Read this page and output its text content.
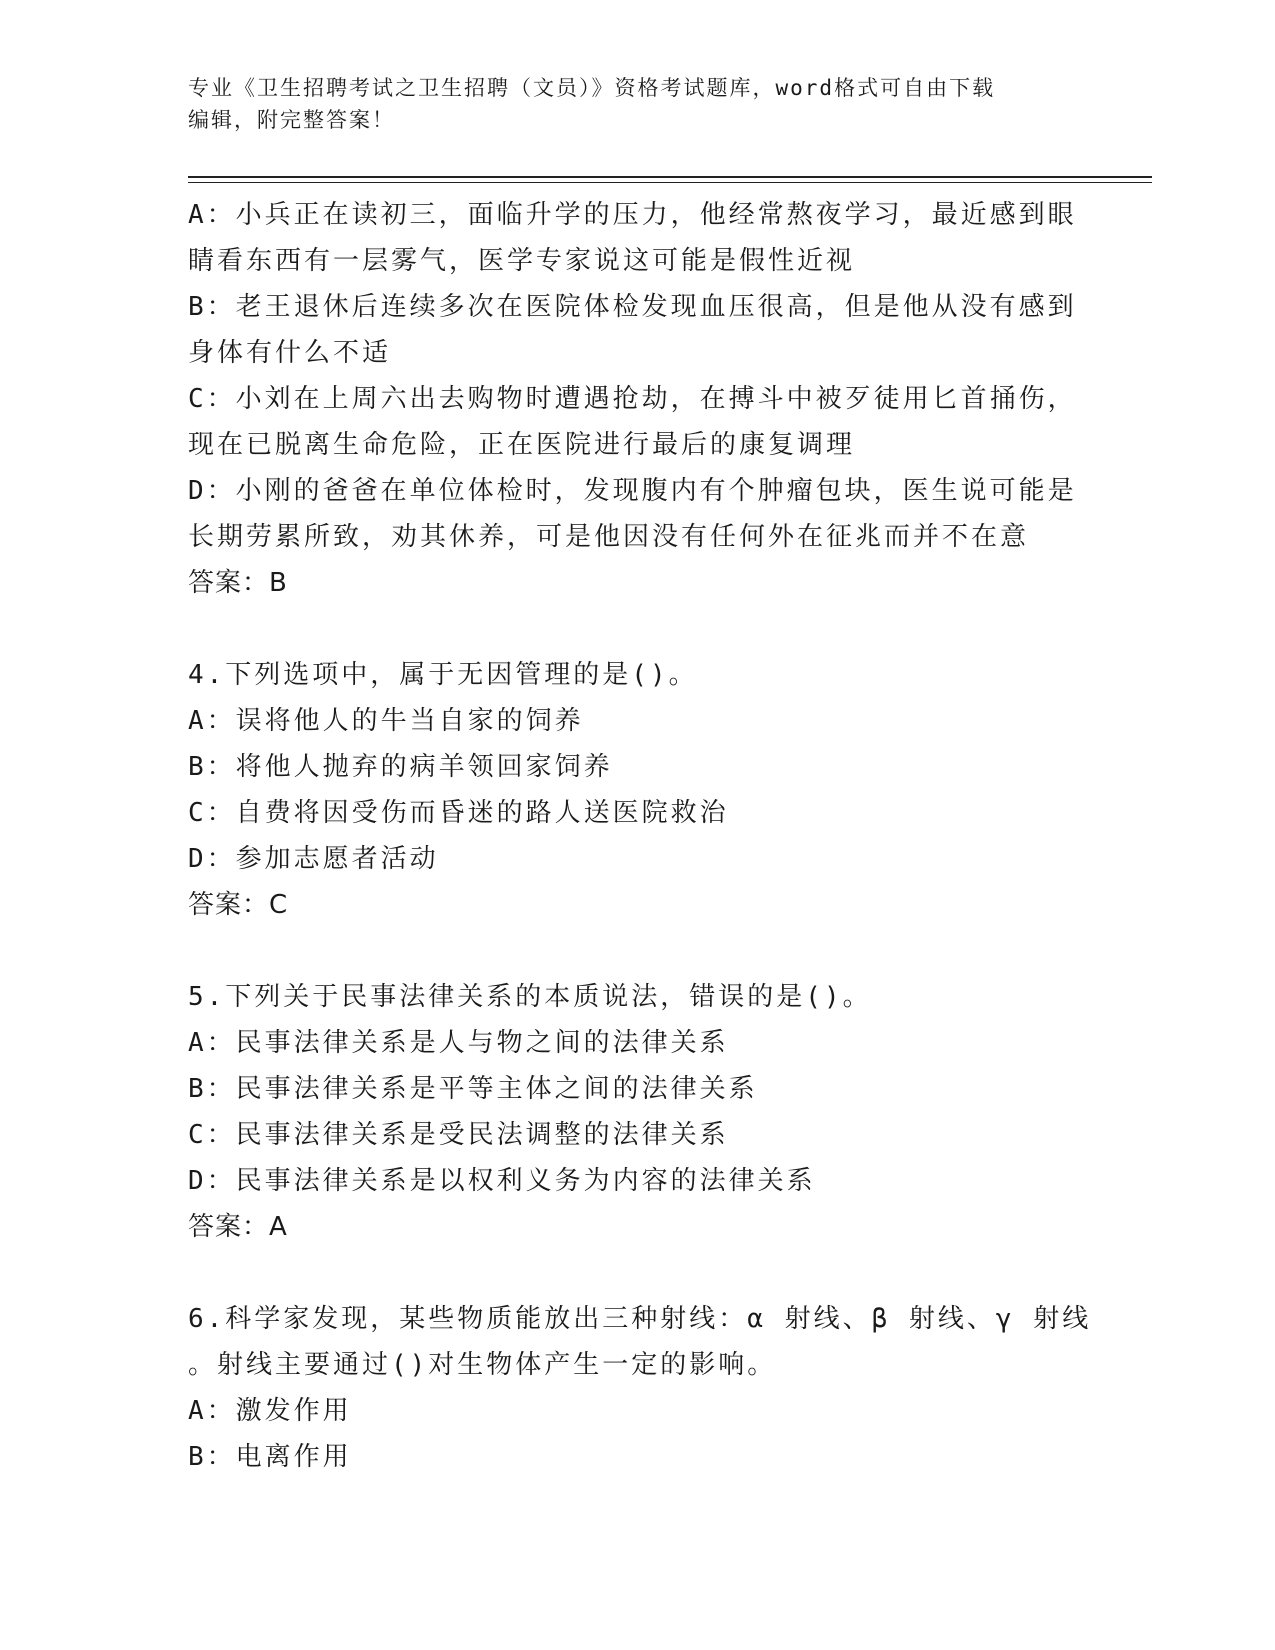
专业《卫生招聘考试之卫生招聘（文员）》资格考试题库，word格式可自由下载

编辑，附完整答案！

A：小兵正在读初三，面临升学的压力，他经常熬夜学习，最近感到眼

睛看东西有一层雾气，医学专家说这可能是假性近视

B：老王退休后连续多次在医院体检发现血压很高，但是他从没有感到

身体有什么不适

C：小刘在上周六出去购物时遭遇抢劫，在搏斗中被歹徒用匕首捅伤，

现在已脱离生命危险，正在医院进行最后的康复调理

D：小刚的爸爸在单位体检时，发现腹内有个肿瘤包块，医生说可能是

长期劳累所致，劝其休养，可是他因没有任何外在征兆而并不在意

答案：B

4.下列选项中，属于无因管理的是()。

A：误将他人的牛当自家的饲养

B：将他人抛弃的病羊领回家饲养

C：自费将因受伤而昏迷的路人送医院救治

D：参加志愿者活动

答案：C

5.下列关于民事法律关系的本质说法，错误的是()。

A：民事法律关系是人与物之间的法律关系

B：民事法律关系是平等主体之间的法律关系

C：民事法律关系是受民法调整的法律关系

D：民事法律关系是以权利义务为内容的法律关系

答案：A

6.科学家发现，某些物质能放出三种射线：α 射线、β 射线、γ 射线

。射线主要通过()对生物体产生一定的影响。

A：激发作用

B：电离作用
